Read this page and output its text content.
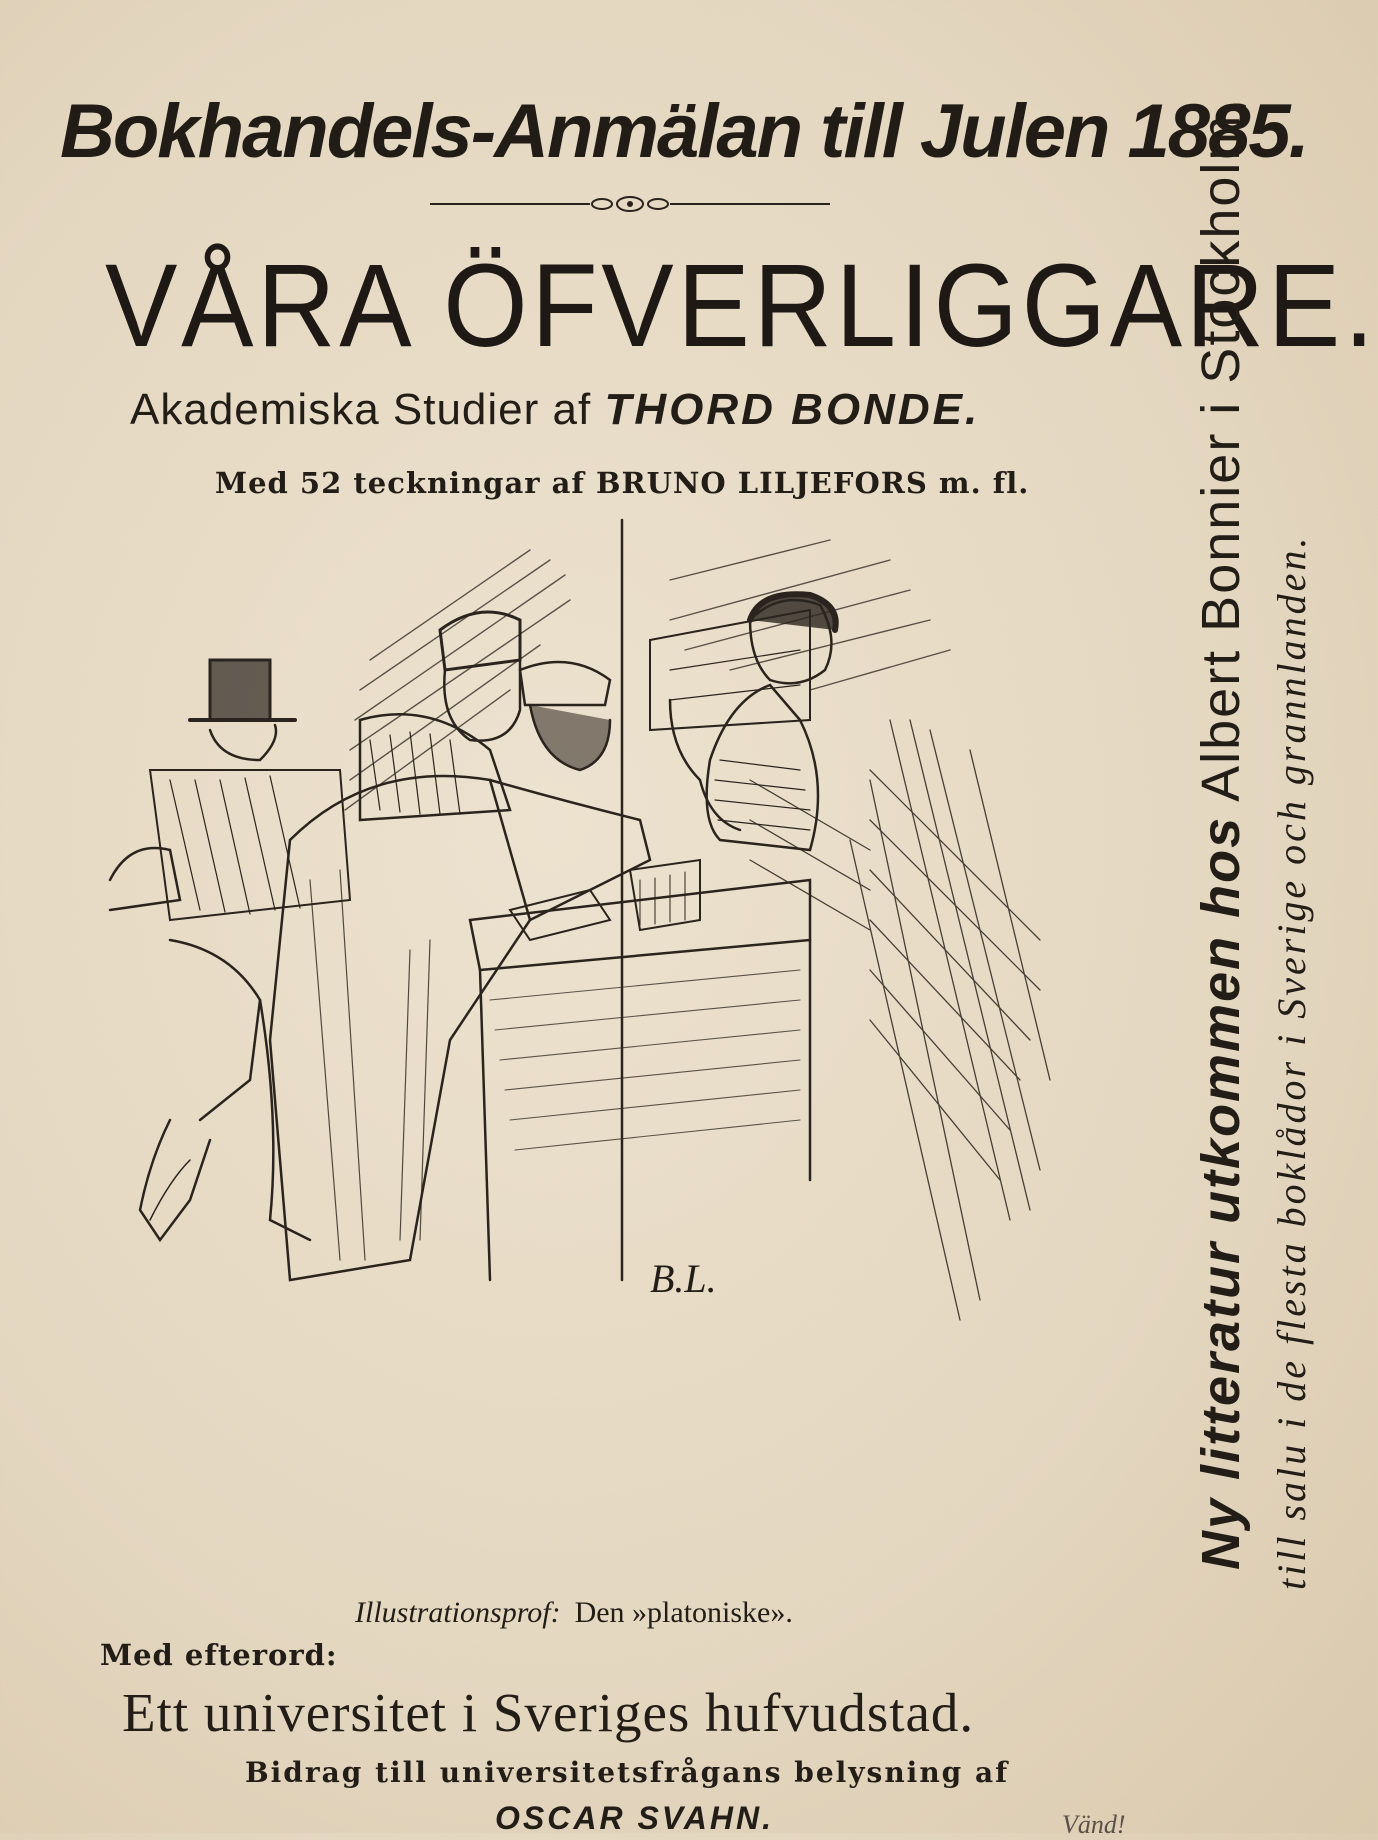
Bokhandels-Anmälan till Julen 1885.
VÅRA ÖFVERLIGGARE.
Akademiska Studier af THORD BONDE.
Med 52 teckningar af BRUNO LILJEFORS m. fl.
B.L.
Illustrationsprof: Den »platoniske».
Med efterord:
Ett universitet i Sveriges hufvudstad.
Bidrag till universitetsfrågans belysning af
OSCAR SVAHN.	Vänd!
Ny litteratur utkommen hosAlbert Bonnier i Stockholm,
till salu i de flesta boklådor i Sverige och grannlanden.
